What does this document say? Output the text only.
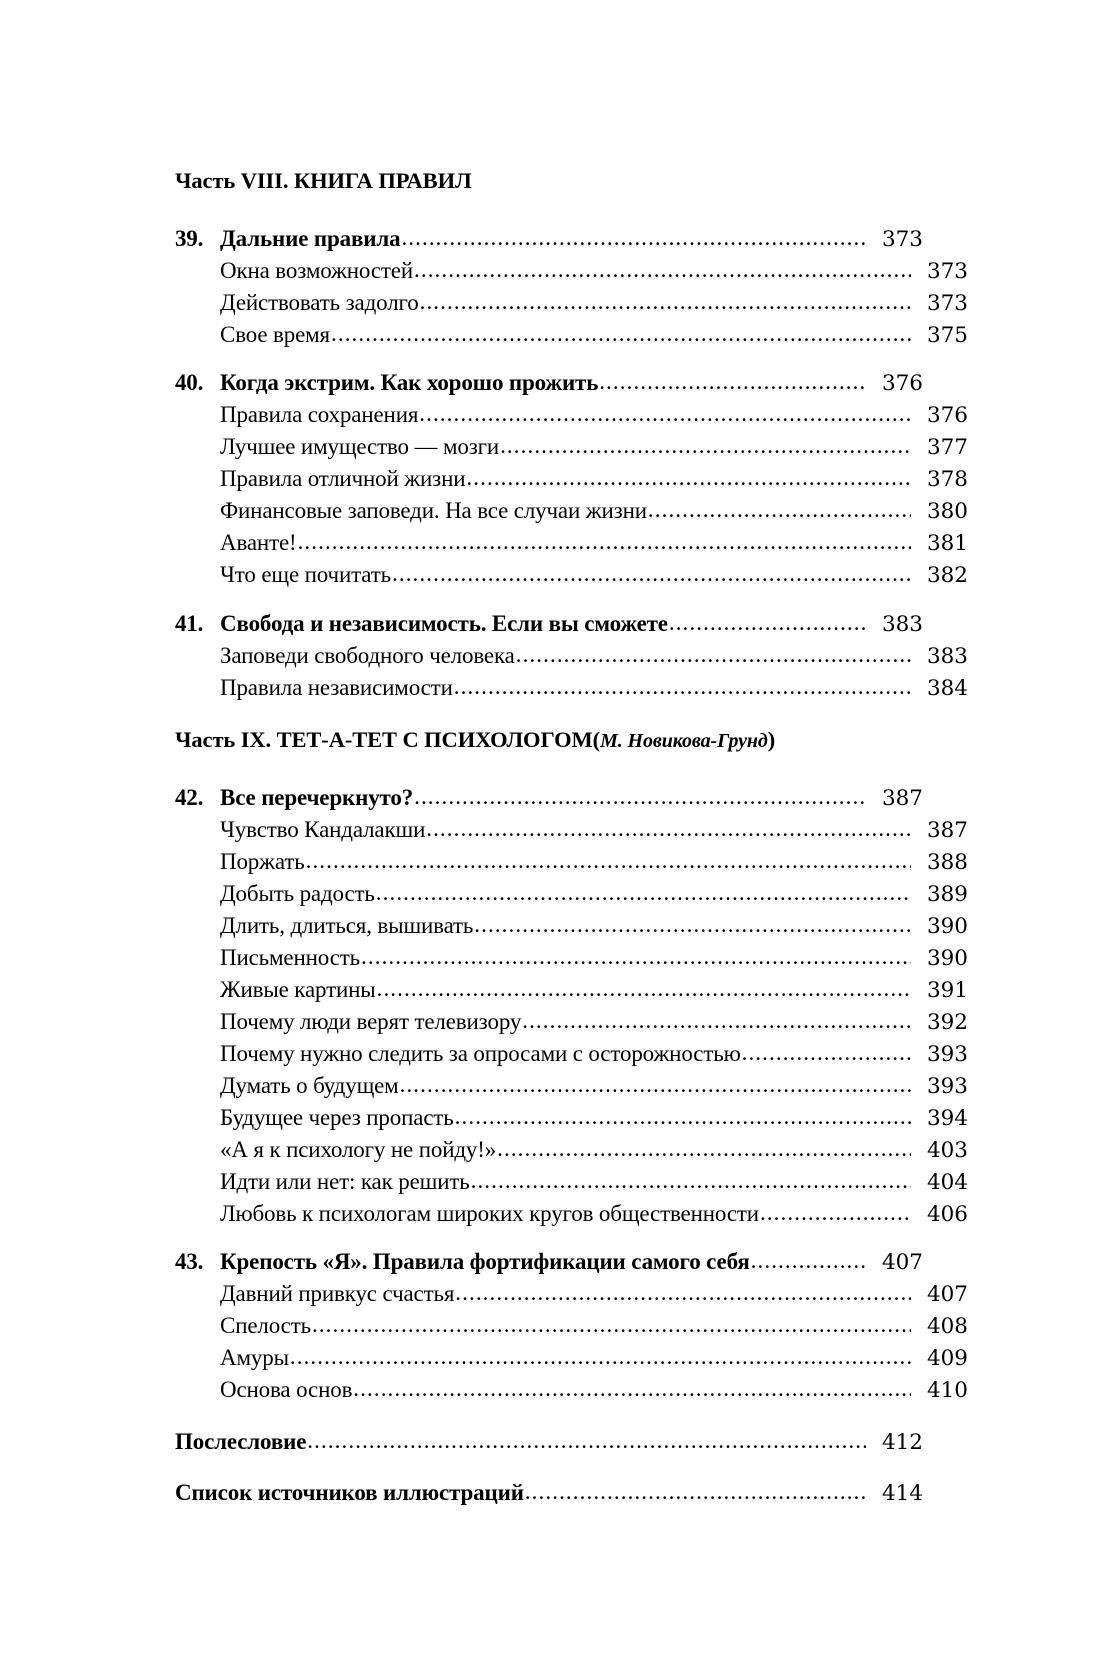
Часть VIII. КНИГА ПРАВИЛ
39. Дальние правила .....	373
Окна возможностей .....	373
Действовать задолго .....	373
Свое время .....	375
40. Когда экстрим. Как хорошо прожить .....	376
Правила сохранения .....	376
Лучшее имущество — мозги .....	377
Правила отличной жизни .....	378
Финансовые заповеди. На все случаи жизни .....	380
Аванте! .....	381
Что еще почитать .....	382
41. Свобода и независимость. Если вы сможете .....	383
Заповеди свободного человека .....	383
Правила независимости .....	384
Часть IX. ТЕТ-А-ТЕТ С ПСИХОЛОГОМ(М. Новикова-Грунд)
42. Все перечеркнуто? .....	387
Чувство Кандалакши .....	387
Поржать .....	388
Добыть радость .....	389
Длить, длиться, вышивать .....	390
Письменность .....	390
Живые картины .....	391
Почему люди верят телевизору .....	392
Почему нужно следить за опросами с осторожностью .....	393
Думать о будущем .....	393
Будущее через пропасть .....	394
«А я к психологу не пойду!» .....	403
Идти или нет: как решить .....	404
Любовь к психологам широких кругов общественности .....	406
43. Крепость «Я». Правила фортификации самого себя .....	407
Давний привкус счастья .....	407
Спелость .....	408
Амуры .....	409
Основа основ .....	410
Послесловие .....	412
Список источников иллюстраций .....	414
